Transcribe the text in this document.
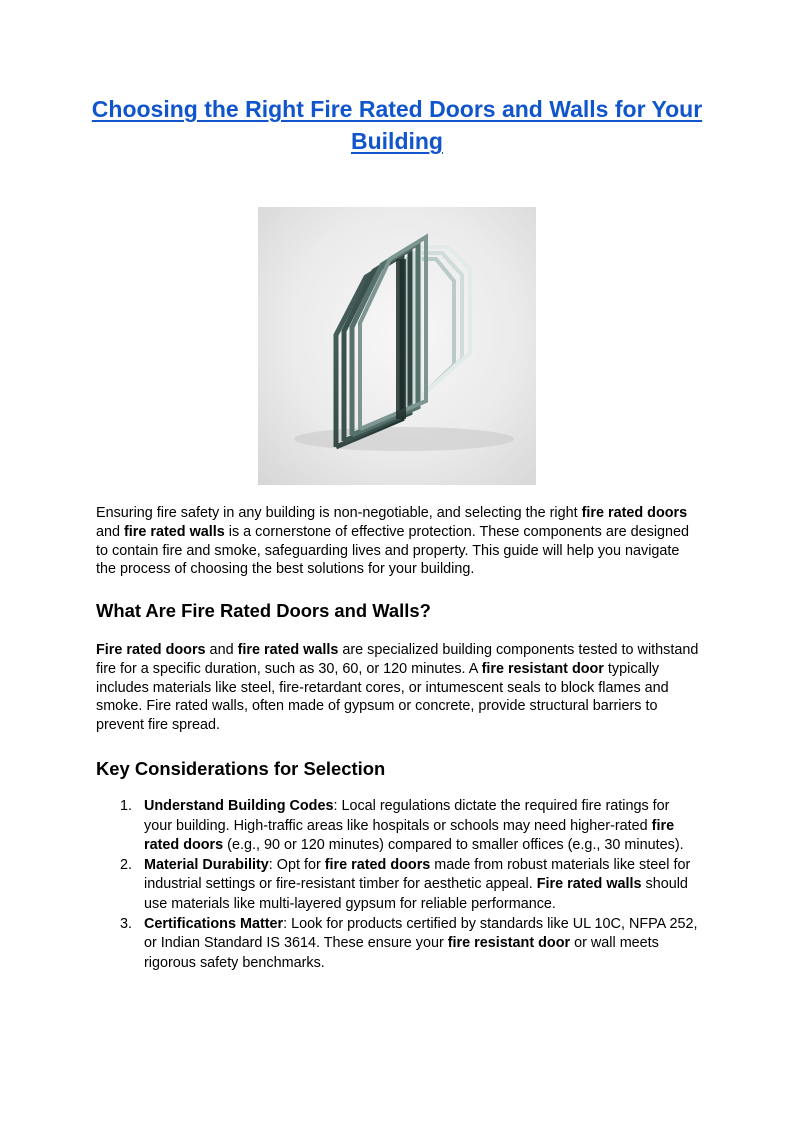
Choosing the Right Fire Rated Doors and Walls for Your Building

Ensuring fire safety in any building is non-negotiable, and selecting the right fire rated doors and fire rated walls is a cornerstone of effective protection. These components are designed to contain fire and smoke, safeguarding lives and property. This guide will help you navigate the process of choosing the best solutions for your building.

What Are Fire Rated Doors and Walls?

Fire rated doors and fire rated walls are specialized building components tested to withstand fire for a specific duration, such as 30, 60, or 120 minutes. A fire resistant door typically includes materials like steel, fire-retardant cores, or intumescent seals to block flames and smoke. Fire rated walls, often made of gypsum or concrete, provide structural barriers to prevent fire spread.

Key Considerations for Selection
1. Understand Building Codes: Local regulations dictate the required fire ratings for your building. High-traffic areas like hospitals or schools may need higher-rated fire rated doors (e.g., 90 or 120 minutes) compared to smaller offices (e.g., 30 minutes).
2. Material Durability: Opt for fire rated doors made from robust materials like steel for industrial settings or fire-resistant timber for aesthetic appeal. Fire rated walls should use materials like multi-layered gypsum for reliable performance.
3. Certifications Matter: Look for products certified by standards like UL 10C, NFPA 252, or Indian Standard IS 3614. These ensure your fire resistant door or wall meets rigorous safety benchmarks.
